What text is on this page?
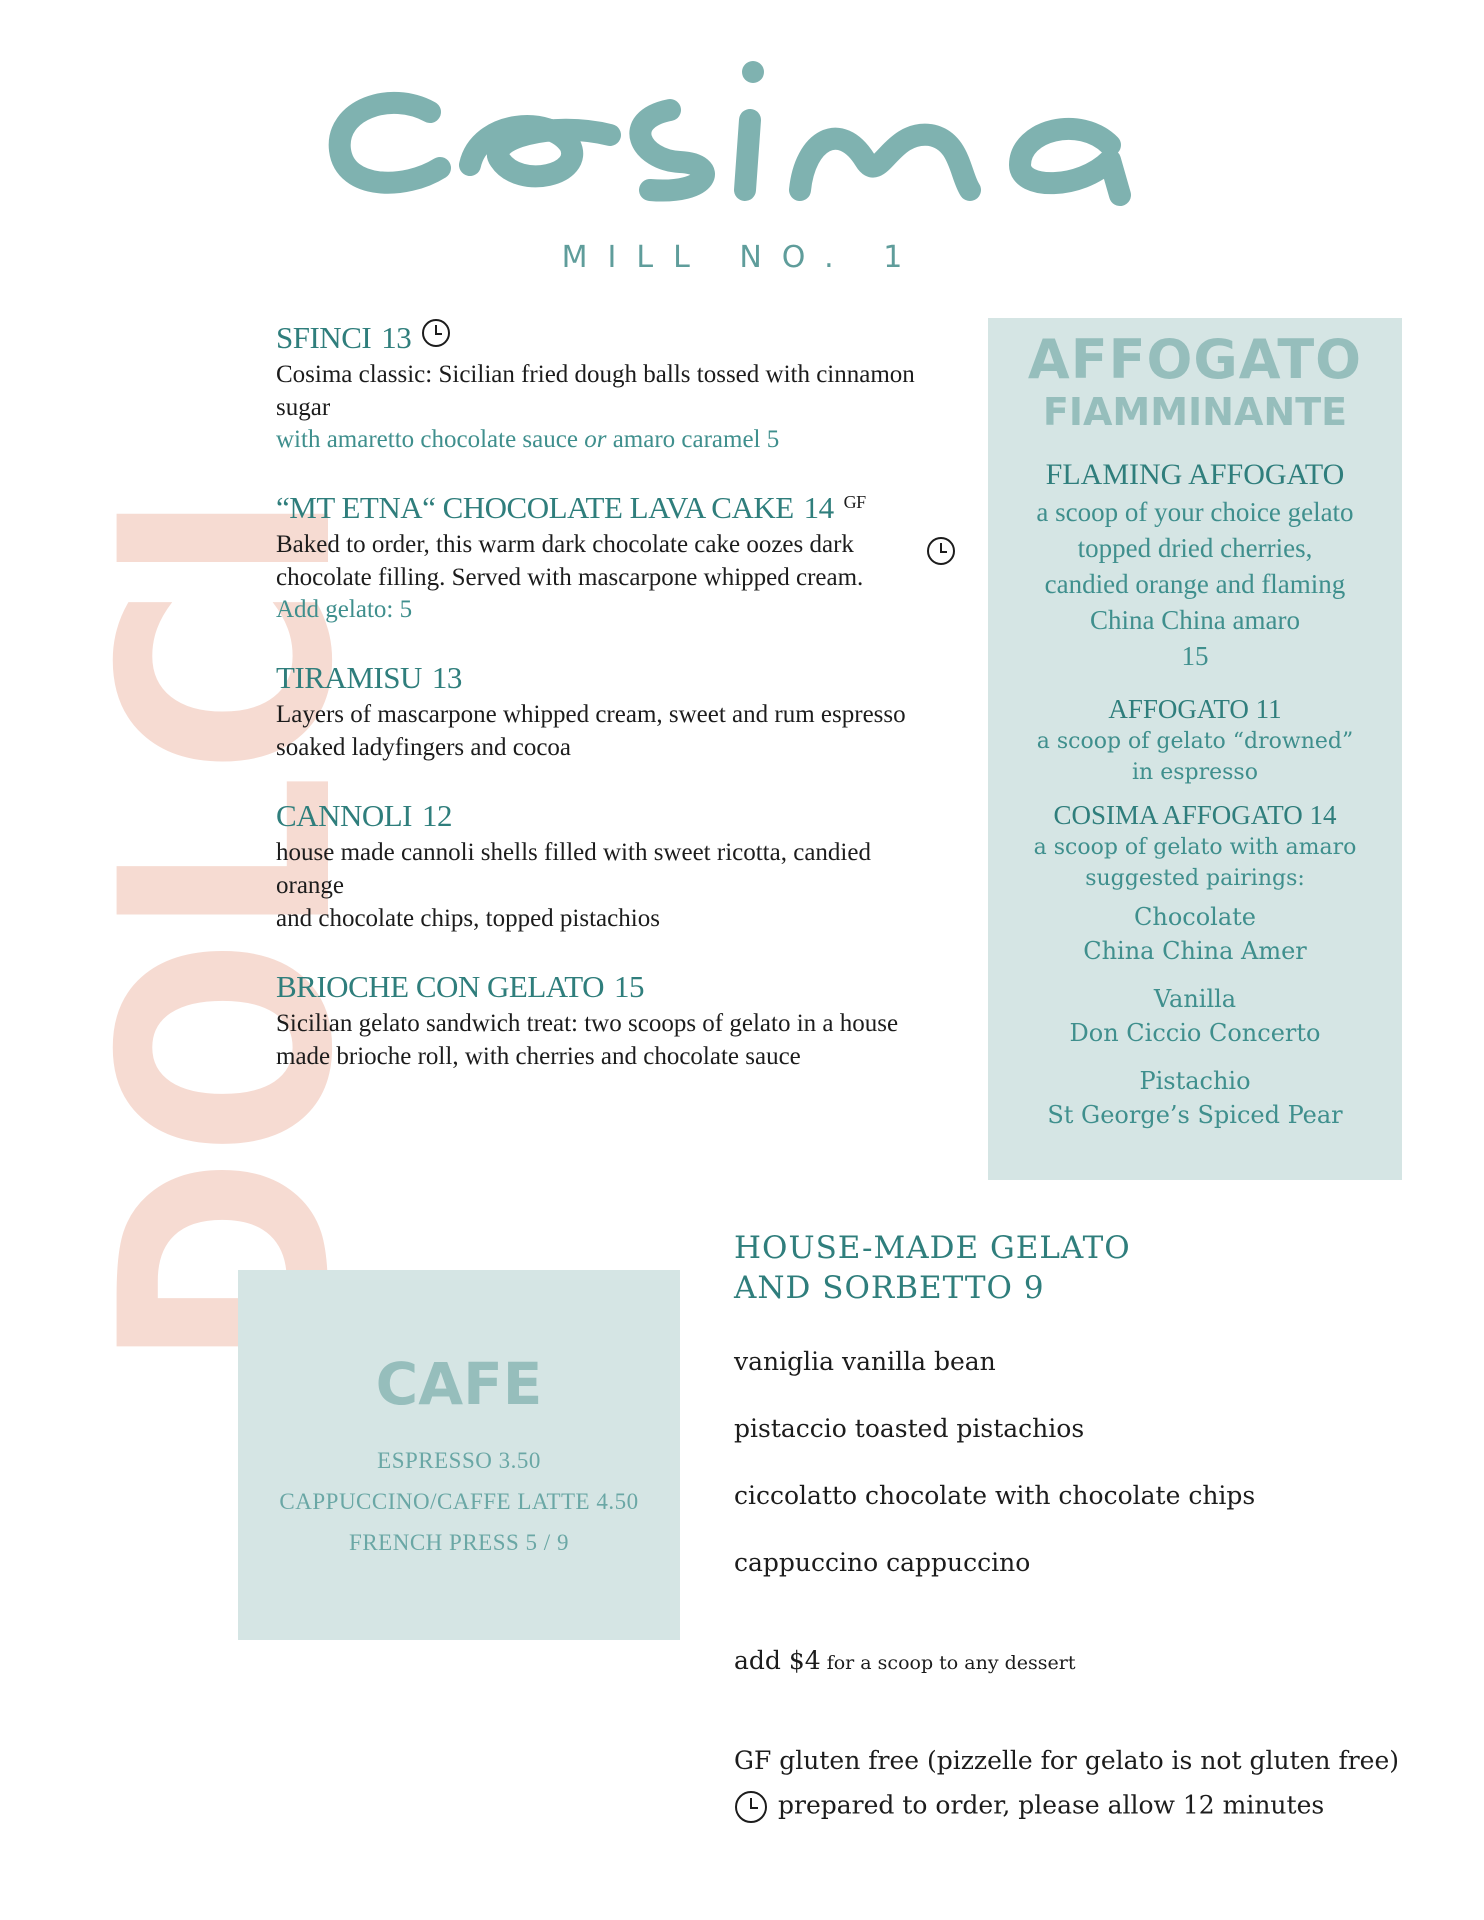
MILL NO. 1
DOLC
SFINCI 13
Cosima classic: Sicilian fried dough balls tossed with cinnamon sugar
with amaretto chocolate sauce or amaro caramel 5
“MT ETNA“ CHOCOLATE LAVA CAKE 14 GF
Baked to order, this warm dark chocolate cake oozes dark
chocolate filling. Served with mascarpone whipped cream.
Add gelato: 5
TIRAMISU 13
Layers of mascarpone whipped cream, sweet and rum espresso
soaked ladyfingers and cocoa
CANNOLI 12
house made cannoli shells filled with sweet ricotta, candied
orange
and chocolate chips, topped pistachios
BRIOCHE CON GELATO 15
Sicilian gelato sandwich treat: two scoops of gelato in a house
made brioche roll, with cherries and chocolate sauce
AFFOGATO
FIAMMINANTE
FLAMING AFFOGATO
a scoop of your choice gelato
topped dried cherries,
candied orange and flaming
China China amaro
15
AFFOGATO 11
a scoop of gelato “drowned”
in espresso
COSIMA AFFOGATO 14
a scoop of gelato with amaro
suggested pairings:
Chocolate
China China Amer
Vanilla
Don Ciccio Concerto
Pistachio
St George’s Spiced Pear
CAFE
ESPRESSO 3.50
CAPPUCCINO/CAFFE LATTE 4.50
FRENCH PRESS 5 / 9
HOUSE-MADE GELATO
AND SORBETTO 9
vaniglia vanilla bean
pistaccio toasted pistachios
ciccolatto chocolate with chocolate chips
cappuccino cappuccino
add $4 for a scoop to any dessert
GF gluten free (pizzelle for gelato is not gluten free)
prepared to order, please allow 12 minutes
